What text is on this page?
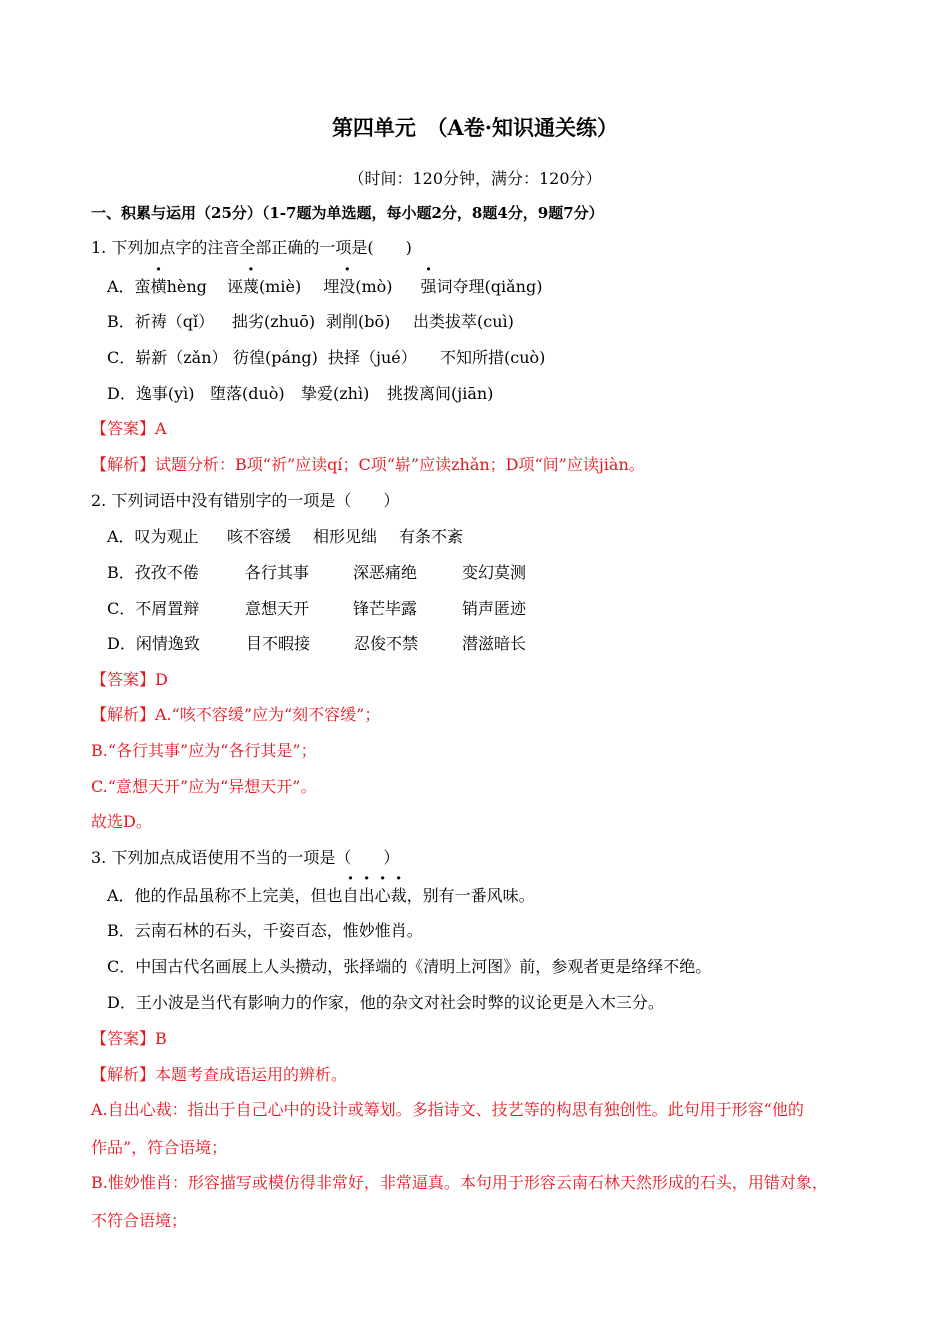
第四单元　（A卷·知识通关练）
（时间：120分钟，满分：120分）
一、积累与运用（25分）（1-7题为单选题，每小题2分，8题4分，9题7分）
1. 下列加点字的注音全部正确的一项是(　　)
A．蛮横hèng 诬蔑(miè) 埋没(mò) 强词夺理(qiǎng)
B．祈祷（qǐ） 拙劣(zhuō) 剥削(bō) 出类拔萃(cuì)
C．崭新（zǎn） 彷徨(páng) 抉择（jué） 不知所措(cuò)
D．逸事(yì) 堕落(duò) 挚爱(zhì) 挑拨离间(jiān)
【答案】A
【解析】试题分析：B项“祈”应读qí；C项“崭”应读zhǎn；D项“间”应读jiàn。
2. 下列词语中没有错别字的一项是（　　）
A．叹为观止 咳不容缓 相形见绌 有条不紊
B．孜孜不倦	各行其事	深恶痛绝	变幻莫测
C．不屑置辩	意想天开	锋芒毕露	销声匿迹
D．闲情逸致	目不暇接	忍俊不禁	潜滋暗长
【答案】D
【解析】A.“咳不容缓”应为“刻不容缓”；
B.“各行其事”应为“各行其是”；
C.“意想天开”应为“异想天开”。
故选D。
3. 下列加点成语使用不当的一项是（　　）
A．他的作品虽称不上完美，但也自出心裁，别有一番风味。
B．云南石林的石头，千姿百态，惟妙惟肖。
C．中国古代名画展上人头攒动，张择端的《清明上河图》前，参观者更是络绎不绝。
D．王小波是当代有影响力的作家，他的杂文对社会时弊的议论更是入木三分。
【答案】B
【解析】本题考查成语运用的辨析。
A.自出心裁：指出于自己心中的设计或筹划。多指诗文、技艺等的构思有独创性。此句用于形容“他的
作品”，符合语境；
B.惟妙惟肖：形容描写或模仿得非常好，非常逼真。本句用于形容云南石林天然形成的石头，用错对象，
不符合语境；
